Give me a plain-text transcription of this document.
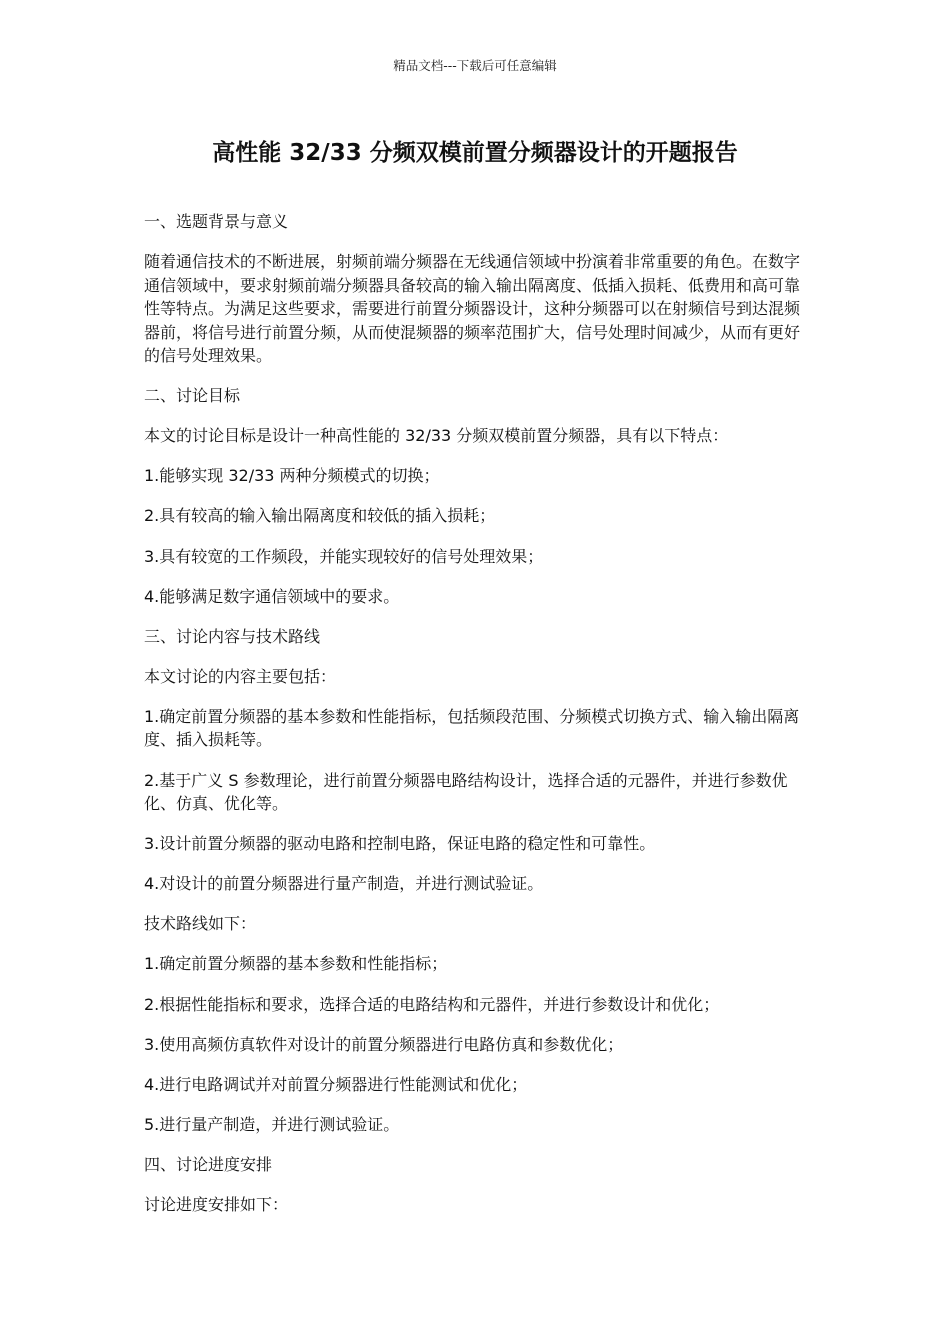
精品文档---下载后可任意编辑
高性能 32/33 分频双模前置分频器设计的开题报告

一、选题背景与意义

随着通信技术的不断进展，射频前端分频器在无线通信领域中扮演着非常重要的角色。在数字通信领域中，要求射频前端分频器具备较高的输入输出隔离度、低插入损耗、低费用和高可靠性等特点。为满足这些要求，需要进行前置分频器设计，这种分频器可以在射频信号到达混频器前，将信号进行前置分频，从而使混频器的频率范围扩大，信号处理时间减少，从而有更好的信号处理效果。

二、讨论目标

本文的讨论目标是设计一种高性能的 32/33 分频双模前置分频器，具有以下特点：

1.能够实现 32/33 两种分频模式的切换；

2.具有较高的输入输出隔离度和较低的插入损耗；

3.具有较宽的工作频段，并能实现较好的信号处理效果；

4.能够满足数字通信领域中的要求。

三、讨论内容与技术路线

本文讨论的内容主要包括：

1.确定前置分频器的基本参数和性能指标，包括频段范围、分频模式切换方式、输入输出隔离度、插入损耗等。

2.基于广义 S 参数理论，进行前置分频器电路结构设计，选择合适的元器件，并进行参数优化、仿真、优化等。

3.设计前置分频器的驱动电路和控制电路，保证电路的稳定性和可靠性。

4.对设计的前置分频器进行量产制造，并进行测试验证。

技术路线如下：

1.确定前置分频器的基本参数和性能指标；

2.根据性能指标和要求，选择合适的电路结构和元器件，并进行参数设计和优化；

3.使用高频仿真软件对设计的前置分频器进行电路仿真和参数优化；

4.进行电路调试并对前置分频器进行性能测试和优化；

5.进行量产制造，并进行测试验证。

四、讨论进度安排

讨论进度安排如下：
